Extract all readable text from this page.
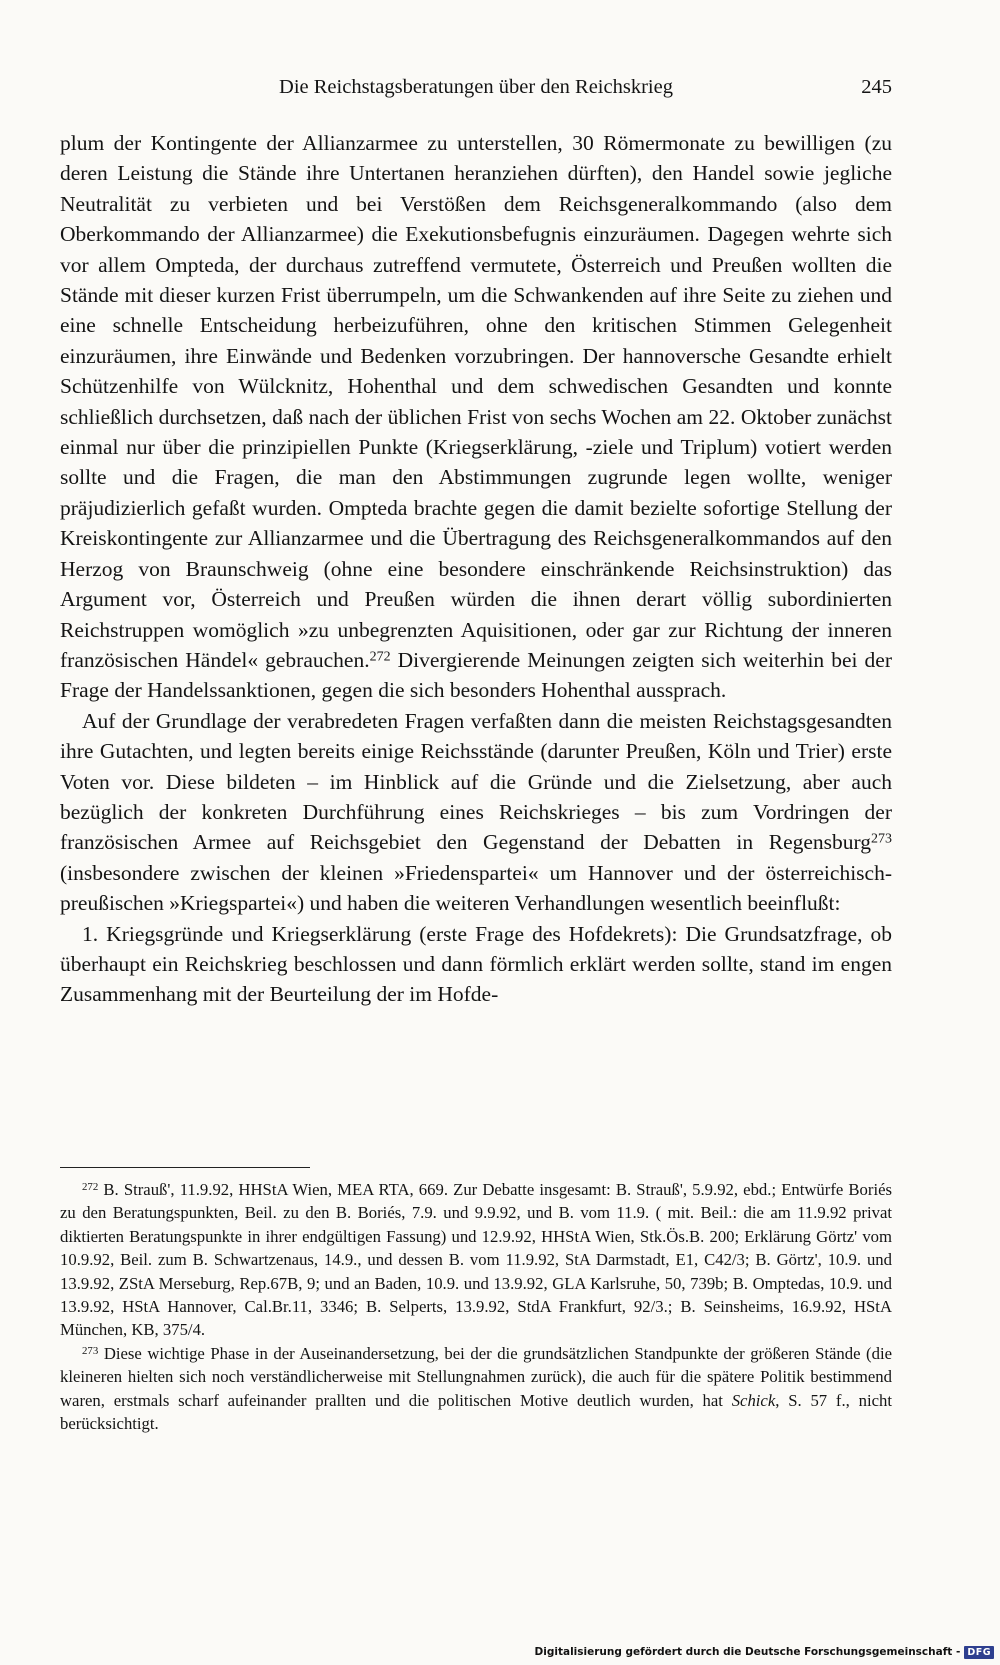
Die Reichstagsberatungen über den Reichskrieg	245

plum der Kontingente der Allianzarmee zu unterstellen, 30 Römermonate zu bewilligen (zu deren Leistung die Stände ihre Untertanen heranziehen dürften), den Handel sowie jegliche Neutralität zu verbieten und bei Verstößen dem Reichsgeneralkommando (also dem Oberkommando der Allianzarmee) die Exekutionsbefugnis einzuräumen. Dagegen wehrte sich vor allem Ompteda, der durchaus zutreffend vermutete, Österreich und Preußen wollten die Stände mit dieser kurzen Frist überrumpeln, um die Schwankenden auf ihre Seite zu ziehen und eine schnelle Entscheidung herbeizuführen, ohne den kritischen Stimmen Gelegenheit einzuräumen, ihre Einwände und Bedenken vorzubringen. Der hannoversche Gesandte erhielt Schützenhilfe von Wülcknitz, Hohenthal und dem schwedischen Gesandten und konnte schließlich durchsetzen, daß nach der üblichen Frist von sechs Wochen am 22. Oktober zunächst einmal nur über die prinzipiellen Punkte (Kriegserklärung, -ziele und Triplum) votiert werden sollte und die Fragen, die man den Abstimmungen zugrunde legen wollte, weniger präjudizierlich gefaßt wurden. Ompteda brachte gegen die damit bezielte sofortige Stellung der Kreiskontingente zur Allianzarmee und die Übertragung des Reichsgeneralkommandos auf den Herzog von Braunschweig (ohne eine besondere einschränkende Reichsinstruktion) das Argument vor, Österreich und Preußen würden die ihnen derart völlig subordinierten Reichstruppen womöglich »zu unbegrenzten Aquisitionen, oder gar zur Richtung der inneren französischen Händel« gebrauchen.$^{272}$ Divergierende Meinungen zeigten sich weiterhin bei der Frage der Handelssanktionen, gegen die sich besonders Hohenthal aussprach.

Auf der Grundlage der verabredeten Fragen verfaßten dann die meisten Reichstagsgesandten ihre Gutachten, und legten bereits einige Reichsstände (darunter Preußen, Köln und Trier) erste Voten vor. Diese bildeten – im Hinblick auf die Gründe und die Zielsetzung, aber auch bezüglich der konkreten Durchführung eines Reichskrieges – bis zum Vordringen der französischen Armee auf Reichsgebiet den Gegenstand der Debatten in Regensburg$^{273}$ (insbesondere zwischen der kleinen »Friedenspartei« um Hannover und der österreichisch-preußischen »Kriegspartei«) und haben die weiteren Verhandlungen wesentlich beeinflußt:

1. Kriegsgründe und Kriegserklärung (erste Frage des Hofdekrets): Die Grundsatzfrage, ob überhaupt ein Reichskrieg beschlossen und dann förmlich erklärt werden sollte, stand im engen Zusammenhang mit der Beurteilung der im Hofde-

$^{272}$ B. Strauß', 11.9.92, HHStA Wien, MEA RTA, 669. Zur Debatte insgesamt: B. Strauß', 5.9.92, ebd.; Entwürfe Boriés zu den Beratungspunkten, Beil. zu den B. Boriés, 7.9. und 9.9.92, und B. vom 11.9. ( mit. Beil.: die am 11.9.92 privat diktierten Beratungspunkte in ihrer endgültigen Fassung) und 12.9.92, HHStA Wien, Stk.Ös.B. 200; Erklärung Görtz' vom 10.9.92, Beil. zum B. Schwartzenaus, 14.9., und dessen B. vom 11.9.92, StA Darmstadt, E1, C42/3; B. Görtz', 10.9. und 13.9.92, ZStA Merseburg, Rep.67B, 9; und an Baden, 10.9. und 13.9.92, GLA Karlsruhe, 50, 739b; B. Omptedas, 10.9. und 13.9.92, HStA Hannover, Cal.Br.11, 3346; B. Selperts, 13.9.92, StdA Frankfurt, 92/3.; B. Seinsheims, 16.9.92, HStA München, KB, 375/4.

$^{273}$ Diese wichtige Phase in der Auseinandersetzung, bei der die grundsätzlichen Standpunkte der größeren Stände (die kleineren hielten sich noch verständlicherweise mit Stellungnahmen zurück), die auch für die spätere Politik bestimmend waren, erstmals scharf aufeinander prallten und die politischen Motive deutlich wurden, hat Schick, S. 57 f., nicht berücksichtigt.

Digitalisierung gefördert durch die Deutsche Forschungsgemeinschaft - DFG
